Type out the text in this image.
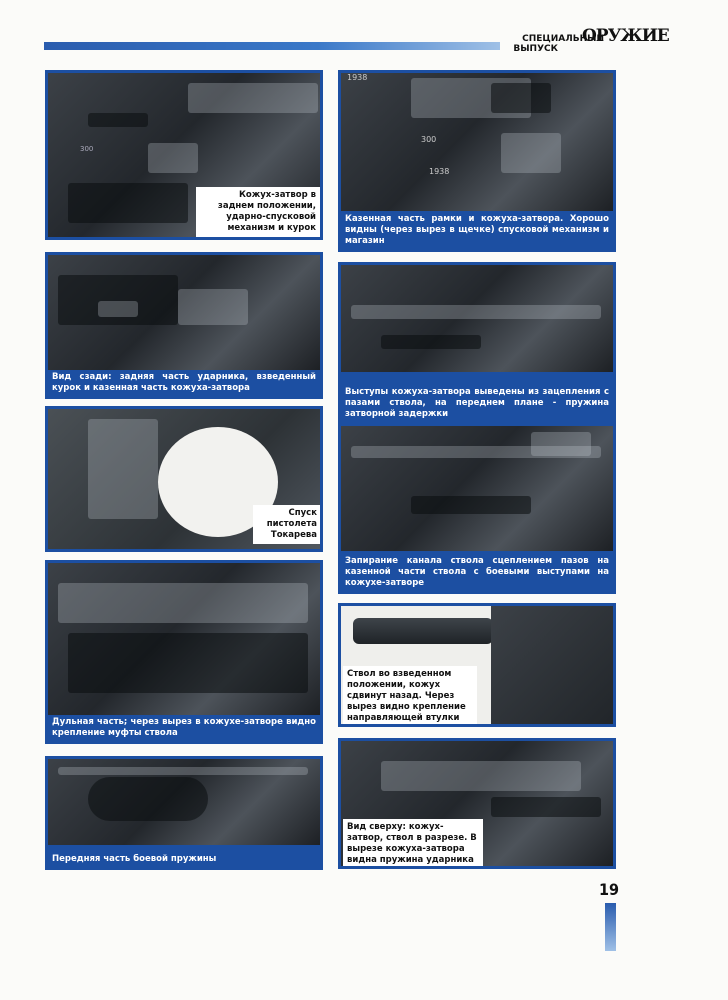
СПЕЦИАЛЬНЫЙ
ВЫПУСК
ОРУЖИЕ
300
Кожух-затвор в заднем положении, ударно-спусковой механизм и курок
1938
300
1938
Казенная часть рамки и кожуха-затвора. Хорошо видны (через вырез в щечке) спусковой механизм и магазин
Вид сзади: задняя часть ударника, взведенный курок и казенная часть кожуха-затвора	Выступы кожуха-затвора выведены из зацепления с пазами ствола, на переднем плане - пружина затворной задержки
Спуск пистолета Токарева
Запирание канала ствола сцеплением пазов на казенной части ствола с боевыми выступами на кожухе-затворе
Дульная часть; через вырез в кожухе-затворе видно крепление муфты ствола
Ствол во взведенном положении, кожух сдвинут назад. Через вырез видно крепление направляющей втулки
Вид сверху: кожух-затвор, ствол в разрезе. В вырезе кожуха-затвора видна пружина ударника
Передняя часть боевой пружины
19
